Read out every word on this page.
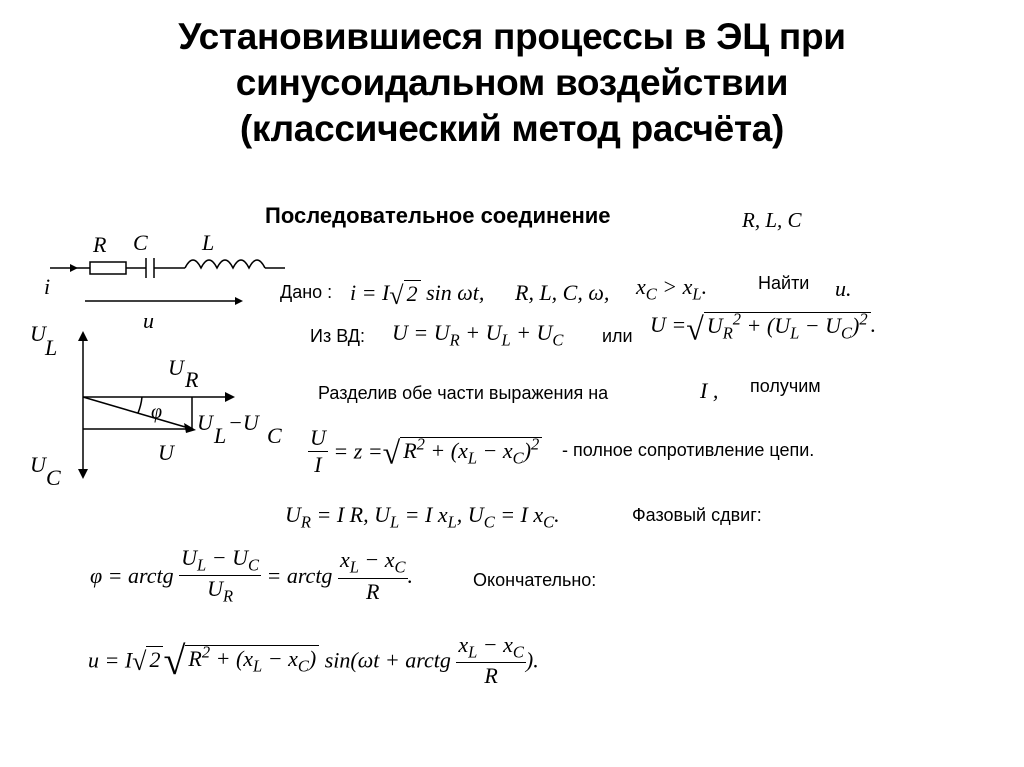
Установившиеся процессы в ЭЦ при
синусоидальном воздействии
(классический метод расчёта)
Последовательное соединение	R, L, C
R C L
i
u
U
L
U
C
U R
φ U
L
−U
C
U
Дано : i = I√ 2 sin ωt, R, L, C, ω, $x_C > x_L$.	Найти u.
Из ВД: $U = U_R + U_L + U_C$ или U =√ $U_R^2 + (U_L - U_C)^2$ .
Разделив обе части выражения на	I , получим
$\frac{U}{I} = z$ =√ $R^2 + (x_L - x_C)^2$ - полное сопротивление цепи.
$U_R = I$ R, $U_L = I$ $x_L$, $U_C = I$ $x_C$.	Фазовый сдвиг:
φ = arctg $\frac{U_L - U_C}{U_R}$ = arctg $\frac{x_L - x_C}{R}$ .	Окончательно:
u = I√ 2√ $R^2 + (x_L - x_C) \sin(\omega t$ + arctg $\frac{x_L - x_C}{R}$ ).
